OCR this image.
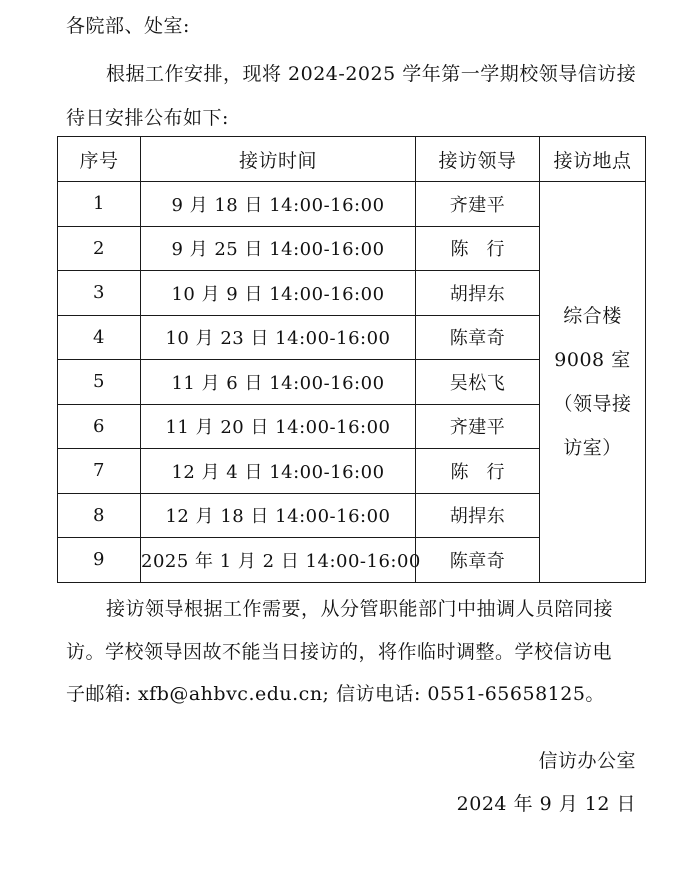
各院部、处室:
根据工作安排，现将 2024-2025 学年第一学期校领导信访接
待日安排公布如下:
序号	接访时间	接访领导	接访地点
1	9 月 18 日 14:00-16:00	齐建平	综合楼
9008 室
（领导接
访室）

2	9 月 25 日 14:00-16:00	陈行	
3	10 月 9 日 14:00-16:00	胡捍东	
4	10 月 23 日 14:00-16:00	陈章奇	
5	11 月 6 日 14:00-16:00	吴松飞	
6	11 月 20 日 14:00-16:00	齐建平	
7	12 月 4 日 14:00-16:00	陈行	
8	12 月 18 日 14:00-16:00	胡捍东	
9	2025 年 1 月 2 日 14:00-16:00	陈章奇	
接访领导根据工作需要，从分管职能部门中抽调人员陪同接
访。学校领导因故不能当日接访的，将作临时调整。学校信访电
子邮箱: xfb@ahbvc.edu.cn; 信访电话: 0551-65658125。
信访办公室
2024 年 9 月 12 日
